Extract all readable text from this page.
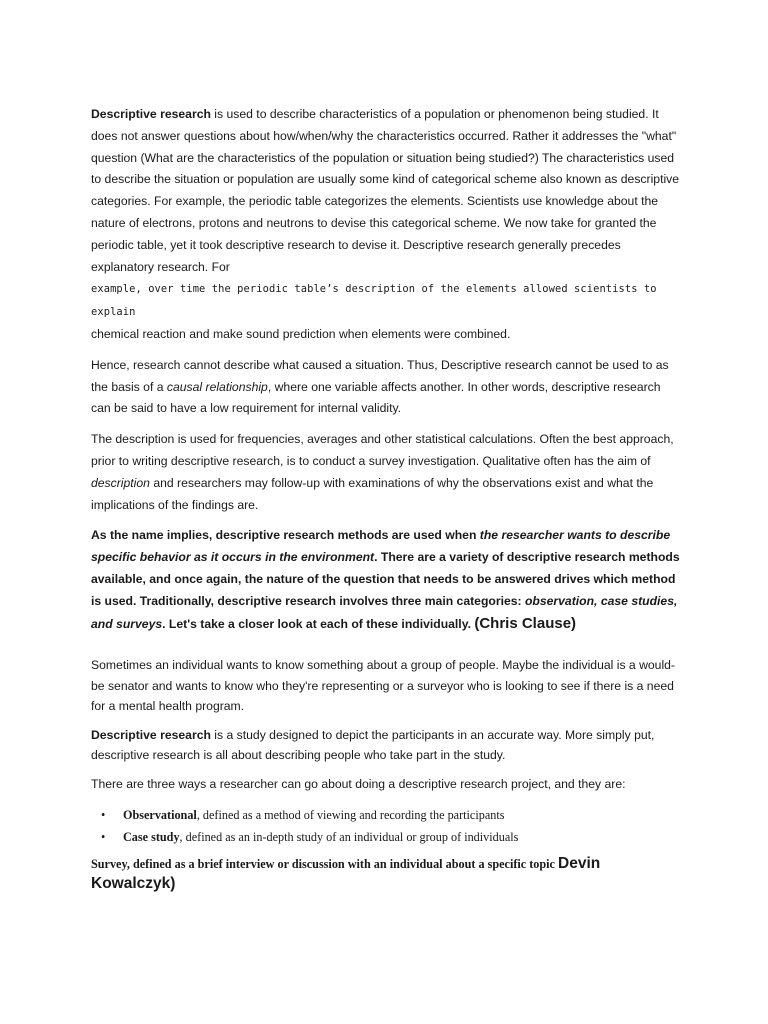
Descriptive research is used to describe characteristics of a population or phenomenon being studied. It does not answer questions about how/when/why the characteristics occurred. Rather it addresses the "what" question (What are the characteristics of the population or situation being studied?) The characteristics used to describe the situation or population are usually some kind of categorical scheme also known as descriptive categories. For example, the periodic table categorizes the elements. Scientists use knowledge about the nature of electrons, protons and neutrons to devise this categorical scheme. We now take for granted the periodic table, yet it took descriptive research to devise it. Descriptive research generally precedes explanatory research. For
example, over time the periodic table’s description of the elements allowed scientists to explain
chemical reaction and make sound prediction when elements were combined.

Hence, research cannot describe what caused a situation. Thus, Descriptive research cannot be used to as the basis of a causal relationship, where one variable affects another. In other words, descriptive research can be said to have a low requirement for internal validity.

The description is used for frequencies, averages and other statistical calculations. Often the best approach, prior to writing descriptive research, is to conduct a survey investigation. Qualitative often has the aim of description and researchers may follow-up with examinations of why the observations exist and what the implications of the findings are.

As the name implies, descriptive research methods are used when the researcher wants to describe specific behavior as it occurs in the environment. There are a variety of descriptive research methods available, and once again, the nature of the question that needs to be answered drives which method is used. Traditionally, descriptive research involves three main categories: observation, case studies, and surveys. Let's take a closer look at each of these individually. (Chris Clause)

Sometimes an individual wants to know something about a group of people. Maybe the individual is a would-be senator and wants to know who they're representing or a surveyor who is looking to see if there is a need for a mental health program.

Descriptive research is a study designed to depict the participants in an accurate way. More simply put, descriptive research is all about describing people who take part in the study.

There are three ways a researcher can go about doing a descriptive research project, and they are:

• Observational, defined as a method of viewing and recording the participants
• Case study, defined as an in-depth study of an individual or group of individuals

Survey, defined as a brief interview or discussion with an individual about a specific topic Devin Kowalczyk)
